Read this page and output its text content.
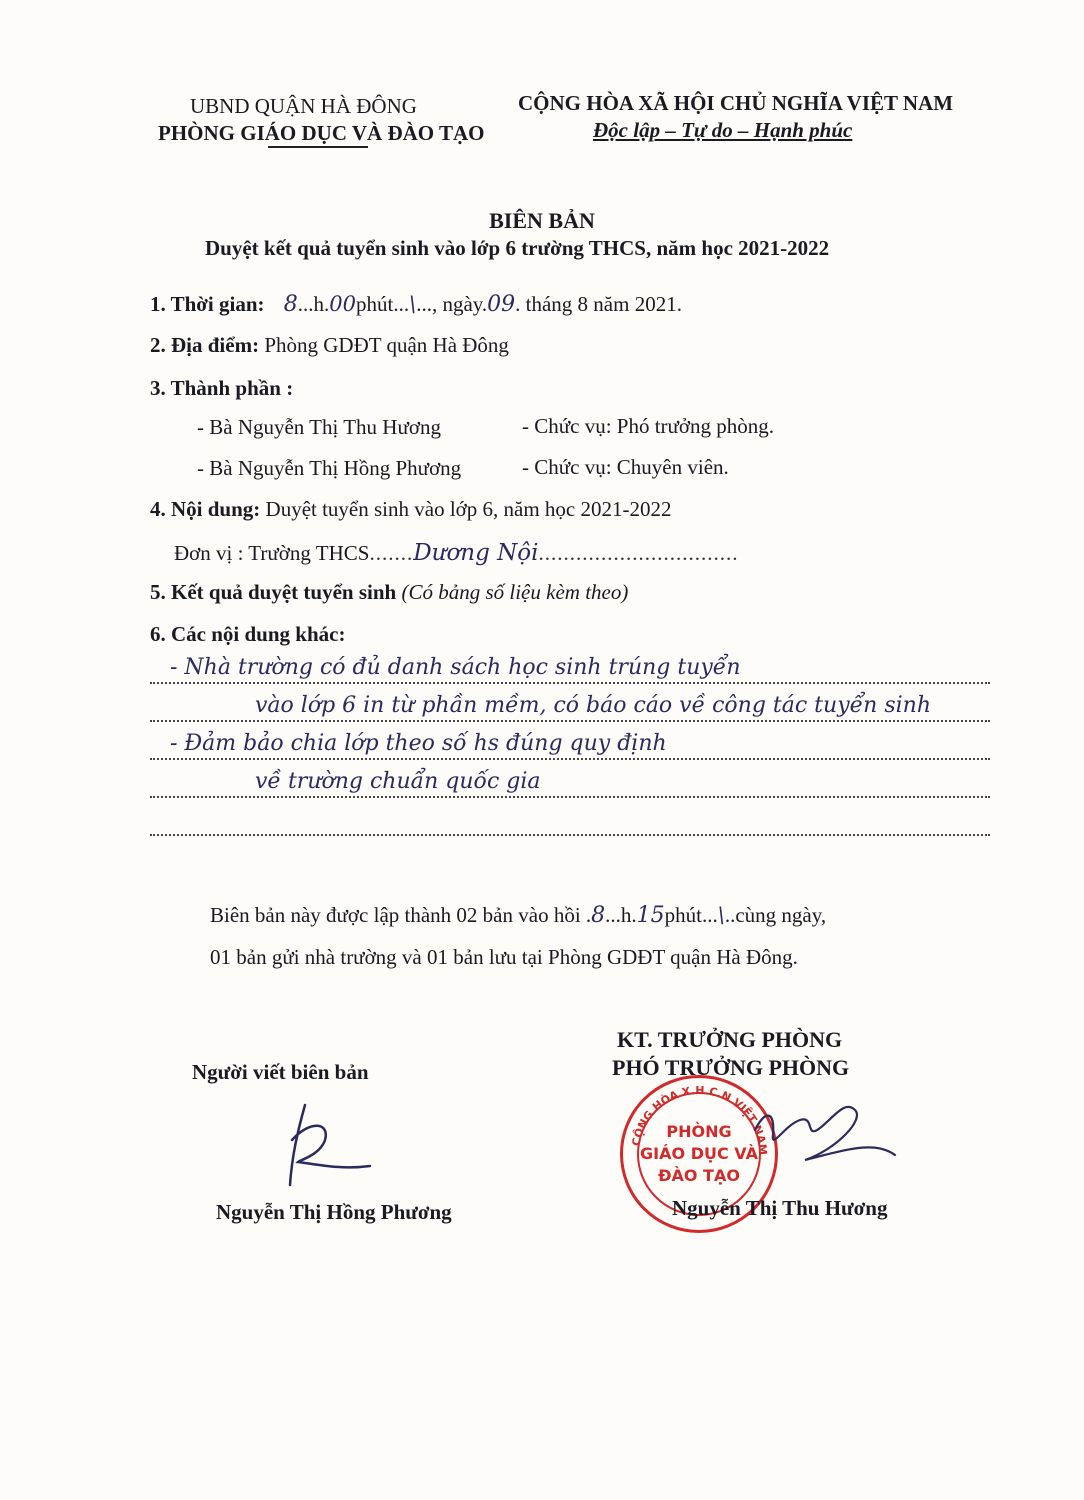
UBND QUẬN HÀ ĐÔNG
PHÒNG GIÁO DỤC VÀ ĐÀO TẠO
CỘNG HÒA XÃ HỘI CHỦ NGHĨA VIỆT NAM
Độc lập – Tự do – Hạnh phúc
BIÊN BẢN
Duyệt kết quả tuyển sinh vào lớp 6 trường THCS, năm học 2021-2022
1. Thời gian: 8...h.00phút...\..., ngày.09. tháng 8 năm 2021.
2. Địa điểm: Phòng GDĐT quận Hà Đông
3. Thành phần :
- Bà Nguyễn Thị Thu Hương	- Chức vụ: Phó trưởng phòng.
- Bà Nguyễn Thị Hồng Phương	- Chức vụ: Chuyên viên.
4. Nội dung: Duyệt tuyển sinh vào lớp 6, năm học 2021-2022
Đơn vị : Trường THCS.......Dương Nội................................
5. Kết quả duyệt tuyển sinh (Có bảng số liệu kèm theo)
6. Các nội dung khác:
- Nhà trường có đủ danh sách học sinh trúng tuyển
vào lớp 6 in từ phần mềm, có báo cáo về công tác tuyển sinh
- Đảm bảo chia lớp theo số hs đúng quy định
về trường chuẩn quốc gia
Biên bản này được lập thành 02 bản vào hồi .8...h.15phút...\..cùng ngày,
01 bản gửi nhà trường và 01 bản lưu tại Phòng GDĐT quận Hà Đông.
KT. TRƯỞNG PHÒNG
PHÓ TRƯỞNG PHÒNG
Người viết biên bản
Nguyễn Thị Hồng Phương
CỘNG HÒA X.H.C.N VIỆT NAM
PHÒNG
GIÁO DỤC VÀ
ĐÀO TẠO
Nguyễn Thị Thu Hương
